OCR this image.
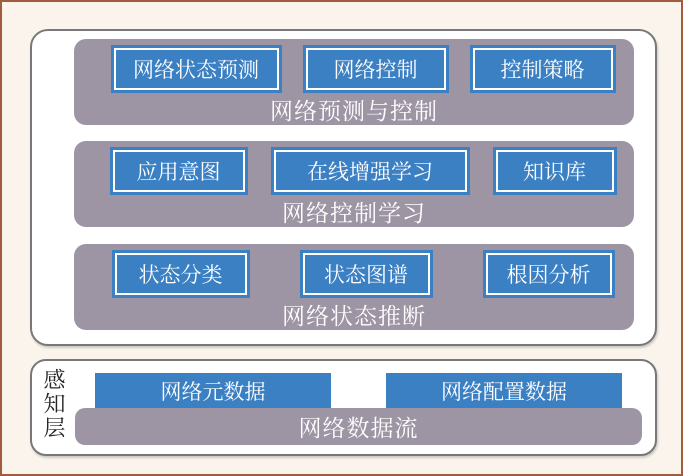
网络状态预测	网络控制	控制策略
网络预测与控制
应用意图	在线增强学习	知识库
网络控制学习
状态分类	状态图谱	根因分析
网络状态推断
感知层	网络元数据	网络配置数据
网络数据流
